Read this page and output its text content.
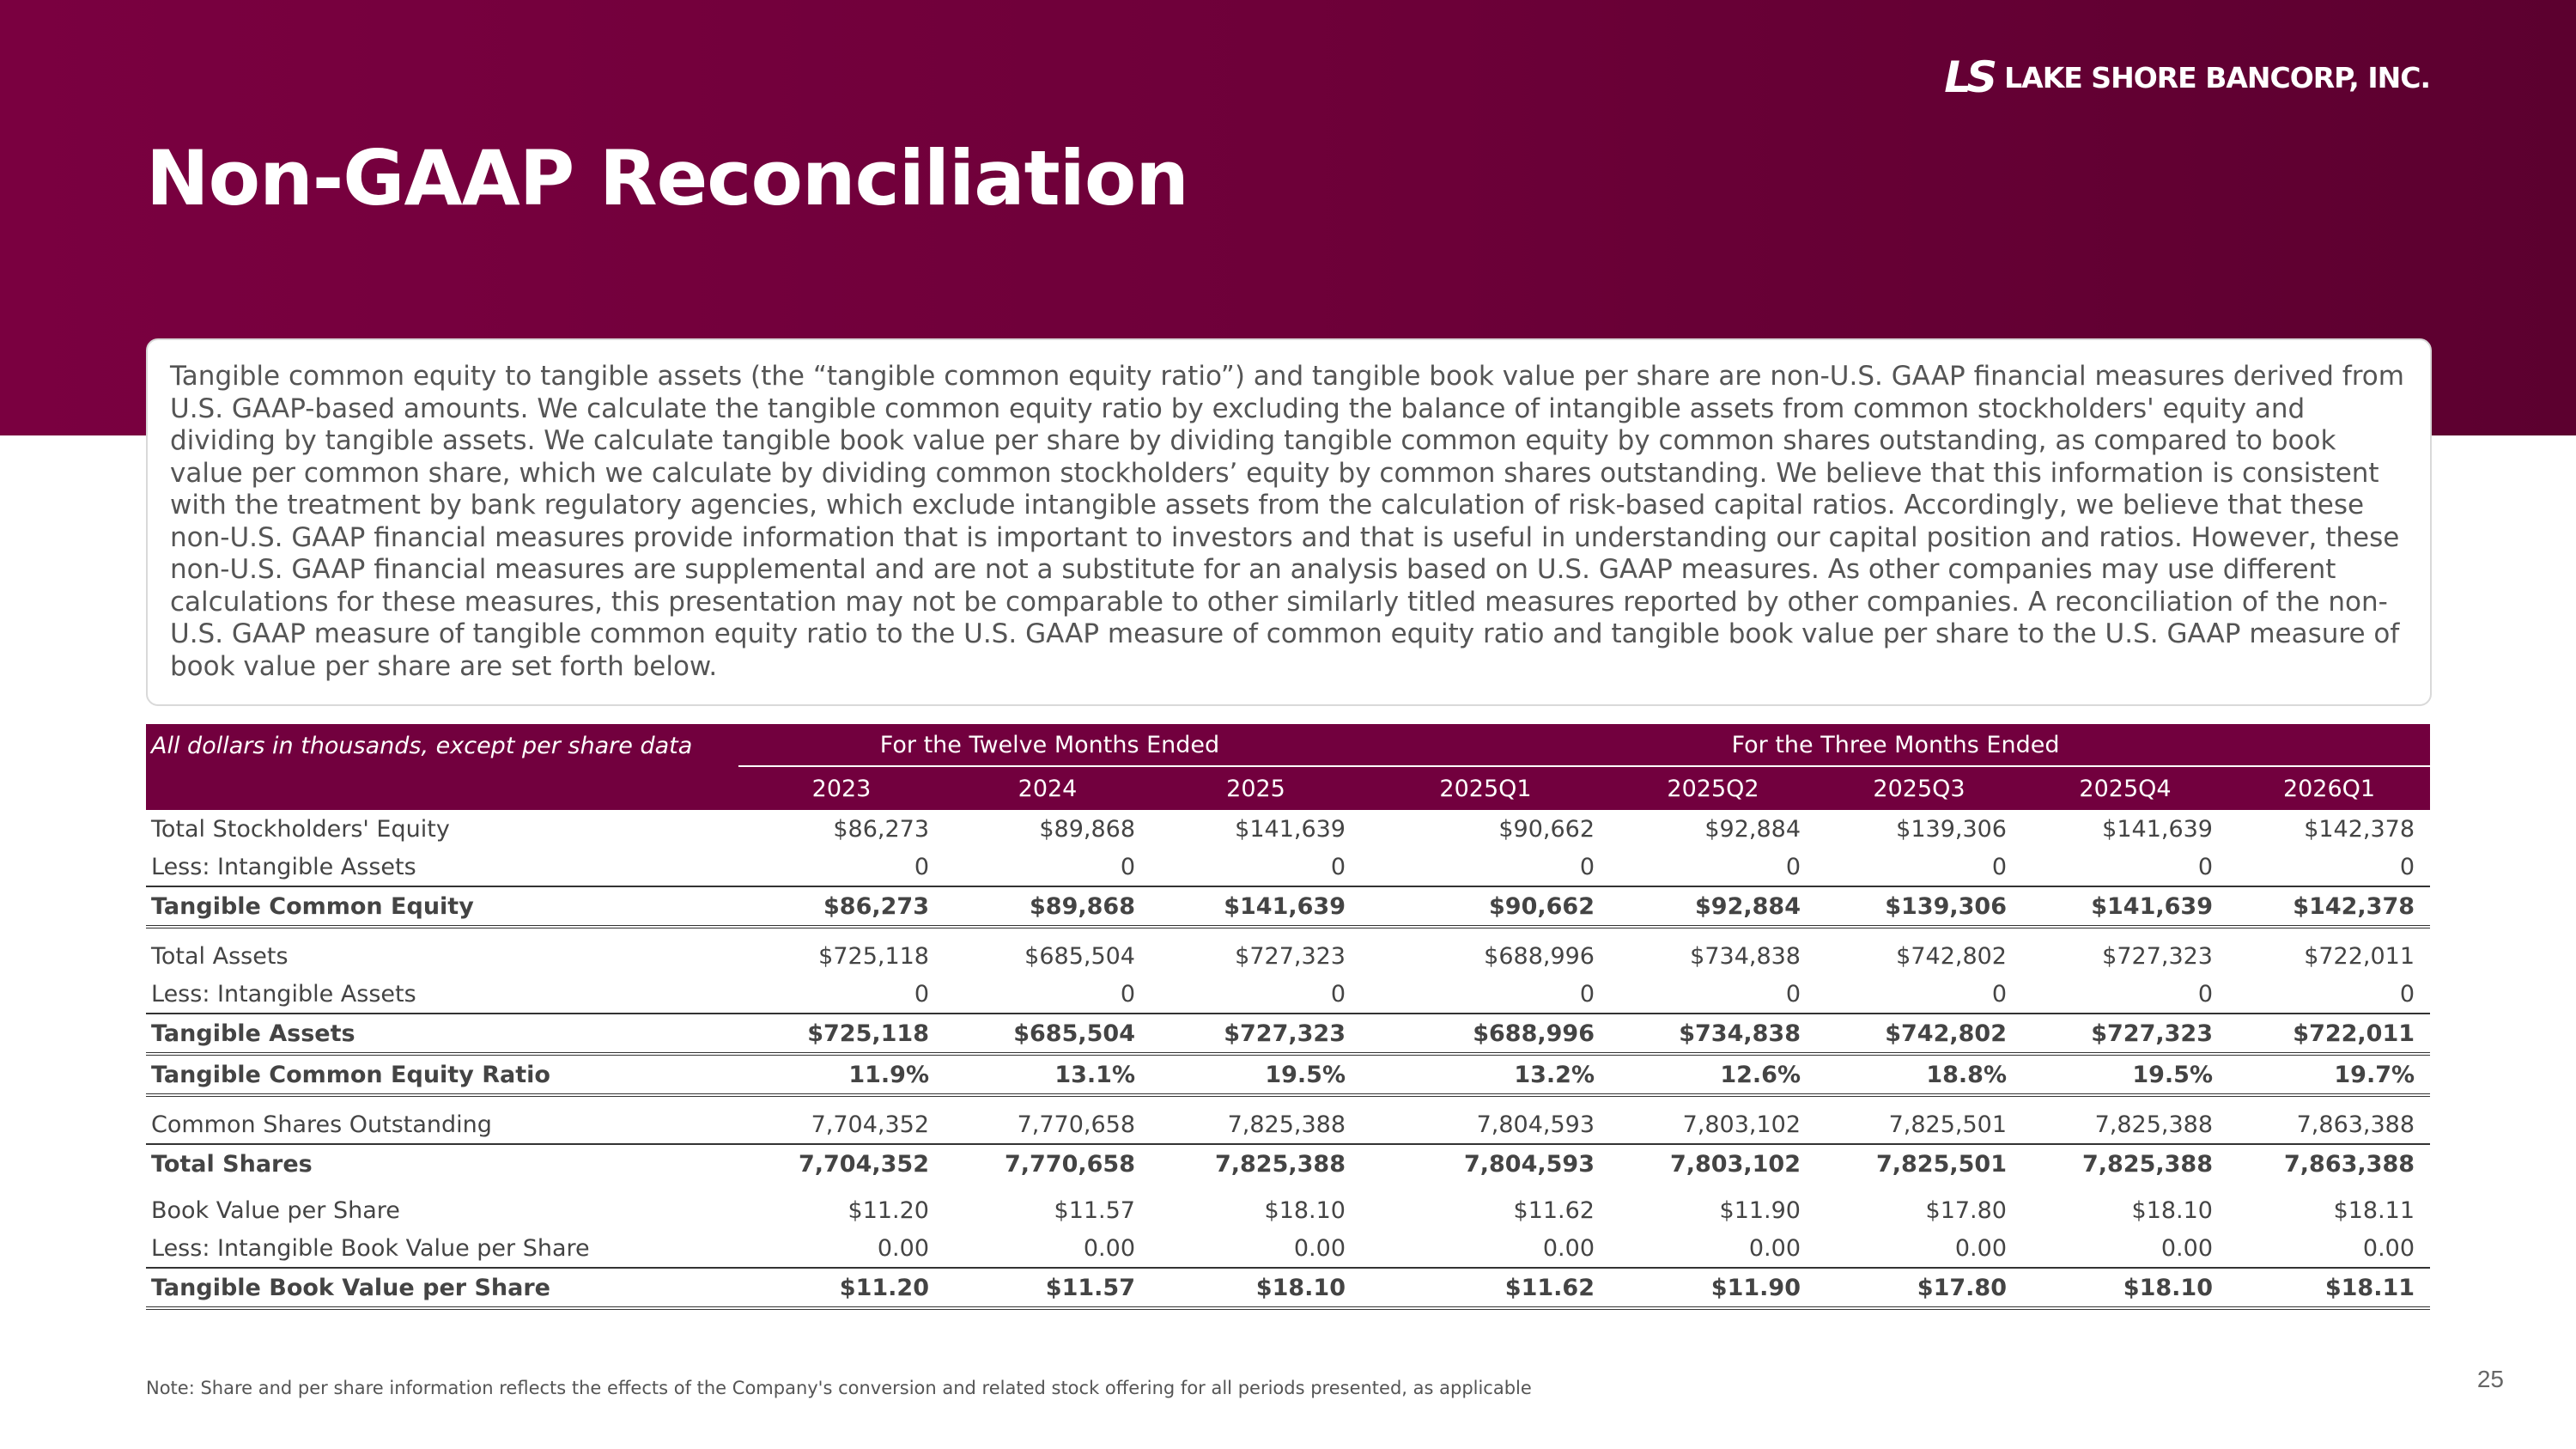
LS LAKE SHORE BANCORP, INC.
Non-GAAP Reconciliation
Tangible common equity to tangible assets (the “tangible common equity ratio”) and tangible book value per share are non-U.S. GAAP financial measures derived from U.S. GAAP-based amounts. We calculate the tangible common equity ratio by excluding the balance of intangible assets from common stockholders' equity and dividing by tangible assets. We calculate tangible book value per share by dividing tangible common equity by common shares outstanding, as compared to book value per common share, which we calculate by dividing common stockholders’ equity by common shares outstanding. We believe that this information is consistent with the treatment by bank regulatory agencies, which exclude intangible assets from the calculation of risk‑based capital ratios. Accordingly, we believe that these non-U.S. GAAP financial measures provide information that is important to investors and that is useful in understanding our capital position and ratios. However, these non-U.S. GAAP financial measures are supplemental and are not a substitute for an analysis based on U.S. GAAP measures. As other companies may use different calculations for these measures, this presentation may not be comparable to other similarly titled measures reported by other companies. A reconciliation of the non-U.S. GAAP measure of tangible common equity ratio to the U.S. GAAP measure of common equity ratio and tangible book value per share to the U.S. GAAP measure of book value per share are set forth below.
All dollars in thousands, except per share data	For the Twelve Months Ended			For the Three Months Ended				

	2023	2024	2025	2025Q1	2025Q2	2025Q3	2025Q4	2026Q1
Total Stockholders' Equity	$86,273	$89,868	$141,639	$90,662	$92,884	$139,306	$141,639	$142,378
Less: Intangible Assets	0	0	0	0	0	0	0	0
Tangible Common Equity	$86,273	$89,868	$141,639	$90,662	$92,884	$139,306	$141,639	$142,378

Total Assets	$725,118	$685,504	$727,323	$688,996	$734,838	$742,802	$727,323	$722,011
Less: Intangible Assets	0	0	0	0	0	0	0	0
Tangible Assets	$725,118	$685,504	$727,323	$688,996	$734,838	$742,802	$727,323	$722,011
Tangible Common Equity Ratio	11.9%	13.1%	19.5%	13.2%	12.6%	18.8%	19.5%	19.7%

Common Shares Outstanding	7,704,352	7,770,658	7,825,388	7,804,593	7,803,102	7,825,501	7,825,388	7,863,388
Total Shares	7,704,352	7,770,658	7,825,388	7,804,593	7,803,102	7,825,501	7,825,388	7,863,388

Book Value per Share	$11.20	$11.57	$18.10	$11.62	$11.90	$17.80	$18.10	$18.11
Less: Intangible Book Value per Share	0.00	0.00	0.00	0.00	0.00	0.00	0.00	0.00
Tangible Book Value per Share	$11.20	$11.57	$18.10	$11.62	$11.90	$17.80	$18.10	$18.11
Note: Share and per share information reflects the effects of the Company's conversion and related stock offering for all periods presented, as applicable	25
